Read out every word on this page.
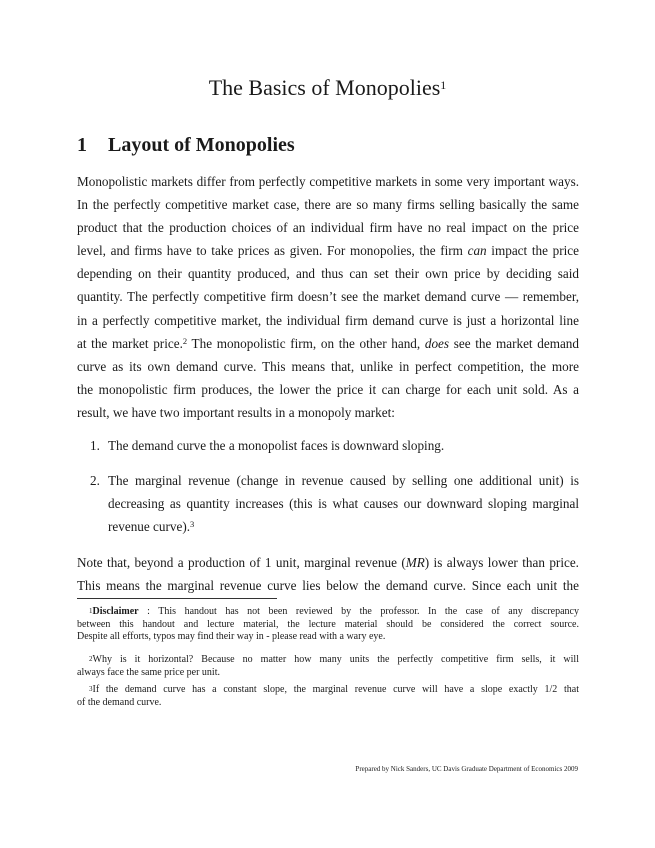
The Basics of Monopolies$^1$
1 Layout of Monopolies
Monopolistic markets differ from perfectly competitive markets in some very important ways.
In the perfectly competitive market case, there are so many firms selling basically the same
product that the production choices of an individual firm have no real impact on the price
level, and firms have to take prices as given. For monopolies, the firm can impact the price
depending on their quantity produced, and thus can set their own price by deciding said
quantity. The perfectly competitive firm doesn’t see the market demand curve — remember,
in a perfectly competitive market, the individual firm demand curve is just a horizontal line
at the market price.$^2$ The monopolistic firm, on the other hand, does see the market demand
curve as its own demand curve. This means that, unlike in perfect competition, the more
the monopolistic firm produces, the lower the price it can charge for each unit sold. As a
result, we have two important results in a monopoly market:
1. The demand curve the a monopolist faces is downward sloping.
2. The marginal revenue (change in revenue caused by selling one additional unit) is
decreasing as quantity increases (this is what causes our downward sloping marginal
revenue curve).$^3$
Note that, beyond a production of 1 unit, marginal revenue (MR) is always lower than price.
This means the marginal revenue curve lies below the demand curve. Since each unit the
$^1$Disclaimer : This handout has not been reviewed by the professor. In the case of any discrepancy
between this handout and lecture material, the lecture material should be considered the correct source.
Despite all efforts, typos may find their way in - please read with a wary eye.
$^2$Why is it horizontal? Because no matter how many units the perfectly competitive firm sells, it will
always face the same price per unit.
$^3$If the demand curve has a constant slope, the marginal revenue curve will have a slope exactly 1/2 that
of the demand curve.
Prepared by Nick Sanders, UC Davis Graduate Department of Economics 2009
